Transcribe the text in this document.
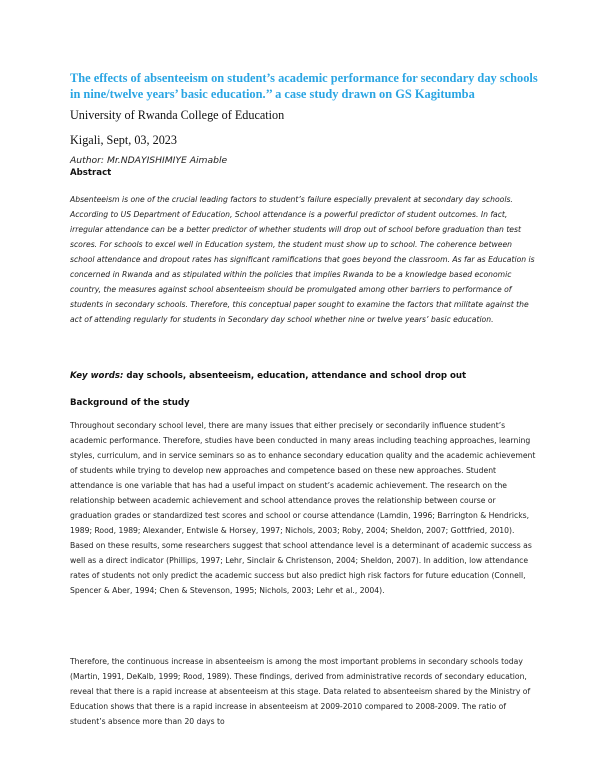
The effects of absenteeism on student’s academic performance for secondary day schools in nine/twelve years’ basic education.’’ a case study drawn on GS Kagitumba
University of Rwanda College of Education
Kigali, Sept, 03, 2023
Author: Mr.NDAYISHIMIYE Aimable
Abstract
Absenteeism is one of the crucial leading factors to student’s failure especially prevalent at secondary day schools. According to US Department of Education, School attendance is a powerful predictor of student outcomes. In fact, irregular attendance can be a better predictor of whether students will drop out of school before graduation than test scores. For schools to excel well in Education system, the student must show up to school. The coherence between school attendance and dropout rates has significant ramifications that goes beyond the classroom. As far as Education is concerned in Rwanda and as stipulated within the policies that implies Rwanda to be a knowledge based economic country, the measures against school absenteeism should be promulgated among other barriers to performance of students in secondary schools. Therefore, this conceptual paper sought to examine the factors that militate against the act of attending regularly for students in Secondary day school whether nine or twelve years’ basic education.
Key words: day schools, absenteeism, education, attendance and school drop out
Background of the study
Throughout secondary school level, there are many issues that either precisely or secondarily influence student’s academic performance. Therefore, studies have been conducted in many areas including teaching approaches, learning styles, curriculum, and in service seminars so as to enhance secondary education quality and the academic achievement of students while trying to develop new approaches and competence based on these new approaches. Student attendance is one variable that has had a useful impact on student’s academic achievement. The research on the relationship between academic achievement and school attendance proves the relationship between course or graduation grades or standardized test scores and school or course attendance (Lamdin, 1996; Barrington & Hendricks, 1989; Rood, 1989; Alexander, Entwisle & Horsey, 1997; Nichols, 2003; Roby, 2004; Sheldon, 2007; Gottfried, 2010). Based on these results, some researchers suggest that school attendance level is a determinant of academic success as well as a direct indicator (Phillips, 1997; Lehr, Sinclair & Christenson, 2004; Sheldon, 2007). In addition, low attendance rates of students not only predict the academic success but also predict high risk factors for future education (Connell, Spencer & Aber, 1994; Chen & Stevenson, 1995; Nichols, 2003; Lehr et al., 2004).
Therefore, the continuous increase in absenteeism is among the most important problems in secondary schools today (Martin, 1991, DeKalb, 1999; Rood, 1989). These findings, derived from administrative records of secondary education, reveal that there is a rapid increase at absenteeism at this stage. Data related to absenteeism shared by the Ministry of Education shows that there is a rapid increase in absenteeism at 2009-2010 compared to 2008-2009. The ratio of student’s absence more than 20 days to
